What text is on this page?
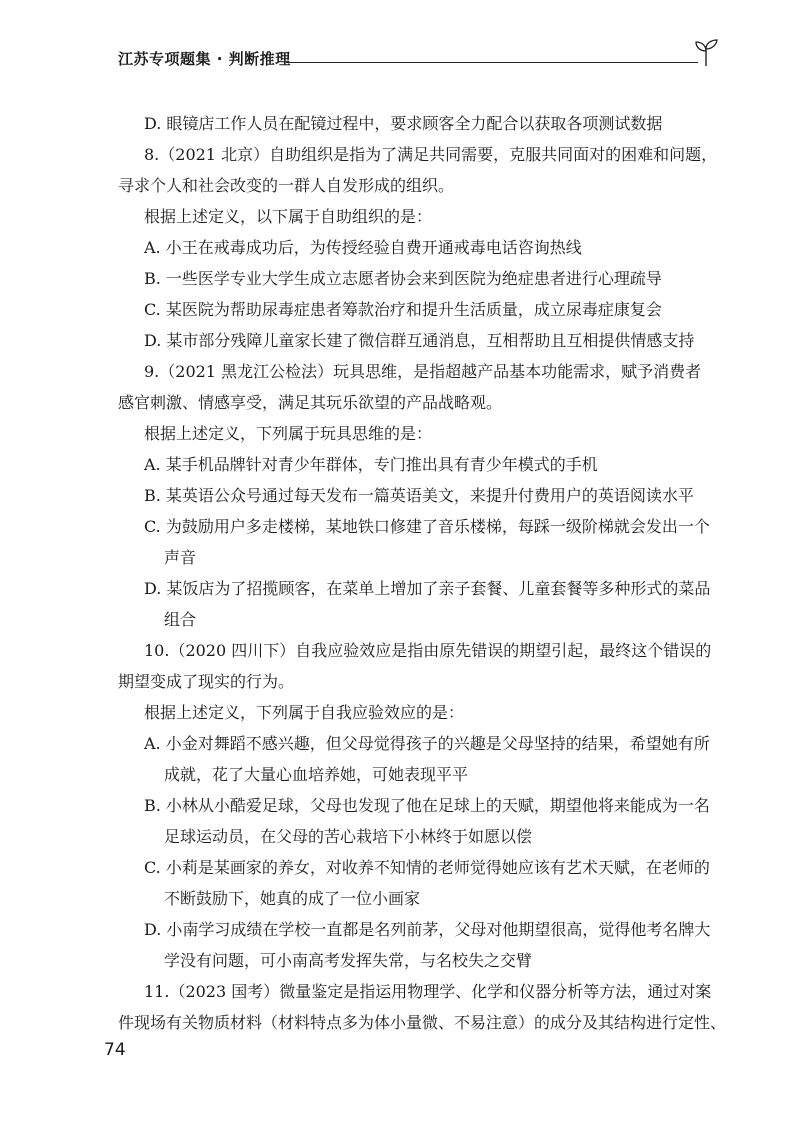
江苏专项题集 · 判断推理
D. 眼镜店工作人员在配镜过程中，要求顾客全力配合以获取各项测试数据
8.（2021 北京）自助组织是指为了满足共同需要，克服共同面对的困难和问题，
寻求个人和社会改变的一群人自发形成的组织。
根据上述定义，以下属于自助组织的是：
A. 小王在戒毒成功后，为传授经验自费开通戒毒电话咨询热线
B. 一些医学专业大学生成立志愿者协会来到医院为绝症患者进行心理疏导
C. 某医院为帮助尿毒症患者筹款治疗和提升生活质量，成立尿毒症康复会
D. 某市部分残障儿童家长建了微信群互通消息，互相帮助且互相提供情感支持
9.（2021 黑龙江公检法）玩具思维，是指超越产品基本功能需求，赋予消费者
感官刺激、情感享受，满足其玩乐欲望的产品战略观。
根据上述定义，下列属于玩具思维的是：
A. 某手机品牌针对青少年群体，专门推出具有青少年模式的手机
B. 某英语公众号通过每天发布一篇英语美文，来提升付费用户的英语阅读水平
C. 为鼓励用户多走楼梯，某地铁口修建了音乐楼梯，每踩一级阶梯就会发出一个
声音
D. 某饭店为了招揽顾客，在菜单上增加了亲子套餐、儿童套餐等多种形式的菜品
组合
10.（2020 四川下）自我应验效应是指由原先错误的期望引起，最终这个错误的
期望变成了现实的行为。
根据上述定义，下列属于自我应验效应的是：
A. 小金对舞蹈不感兴趣，但父母觉得孩子的兴趣是父母坚持的结果，希望她有所
成就，花了大量心血培养她，可她表现平平
B. 小林从小酷爱足球，父母也发现了他在足球上的天赋，期望他将来能成为一名
足球运动员，在父母的苦心栽培下小林终于如愿以偿
C. 小莉是某画家的养女，对收养不知情的老师觉得她应该有艺术天赋，在老师的
不断鼓励下，她真的成了一位小画家
D. 小南学习成绩在学校一直都是名列前茅，父母对他期望很高，觉得他考名牌大
学没有问题，可小南高考发挥失常，与名校失之交臂
11.（2023 国考）微量鉴定是指运用物理学、化学和仪器分析等方法，通过对案
件现场有关物质材料（材料特点多为体小量微、不易注意）的成分及其结构进行定性、
74
